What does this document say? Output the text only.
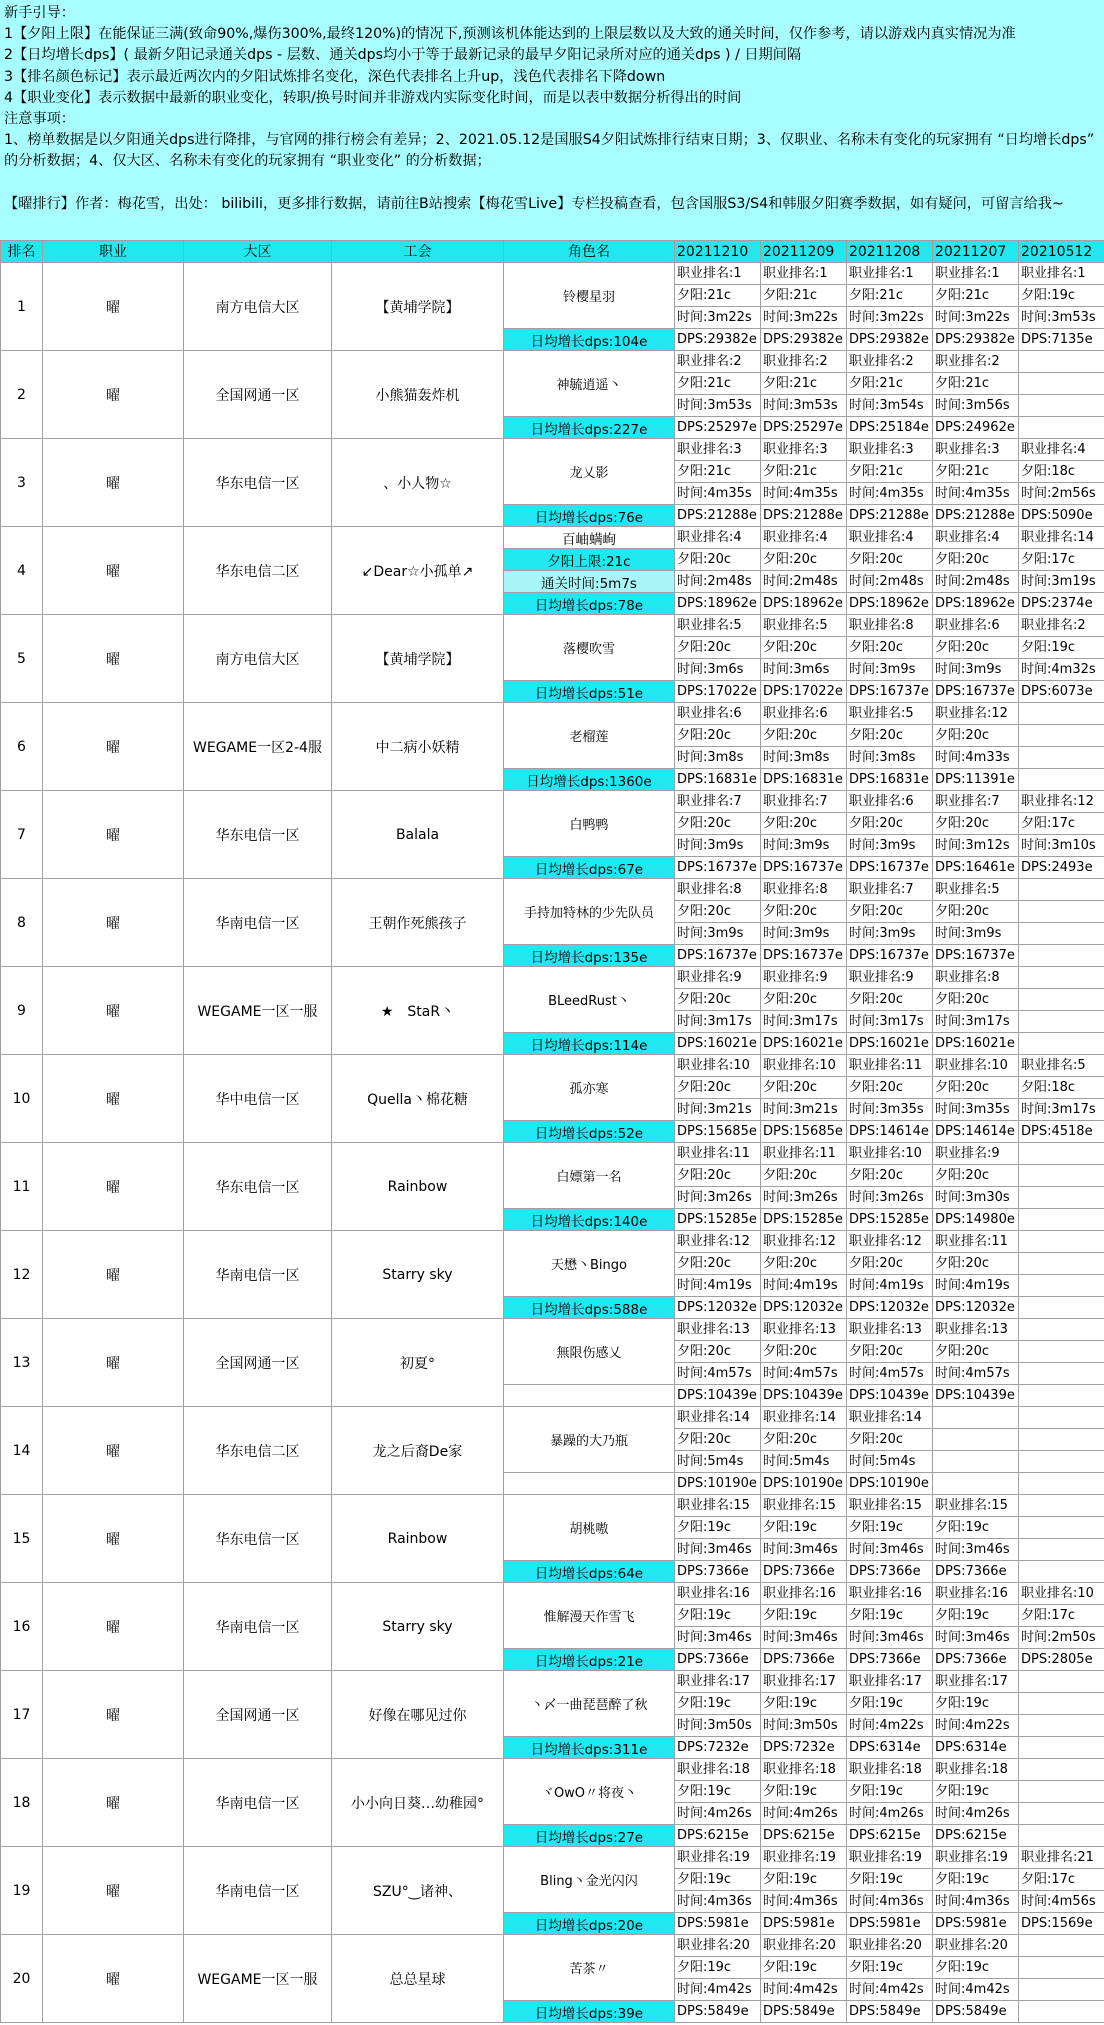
新手引导：
1【夕阳上限】在能保证三满(致命90%,爆伤300%,最终120%)的情况下,预测该机体能达到的上限层数以及大致的通关时间，仅作参考，请以游戏内真实情况为准
2【日均增长dps】( 最新夕阳记录通关dps - 层数、通关dps均小于等于最新记录的最早夕阳记录所对应的通关dps ) / 日期间隔
3【排名颜色标记】表示最近两次内的夕阳试炼排名变化，深色代表排名上升up，浅色代表排名下降down
4【职业变化】表示数据中最新的职业变化，转职/换号时间并非游戏内实际变化时间，而是以表中数据分析得出的时间
注意事项：
1、榜单数据是以夕阳通关dps进行降排，与官网的排行榜会有差异；2、2021.05.12是国服S4夕阳试炼排行结束日期；3、仅职业、名称未有变化的玩家拥有 “日均增长dps” 的分析数据；4、仅大区、名称未有变化的玩家拥有 “职业变化” 的分析数据；
【曜排行】作者：梅花雪，出处： bilibili，更多排行数据，请前往B站搜索【梅花雪Live】专栏投稿查看，包含国服S3/S4和韩服夕阳赛季数据，如有疑问，可留言给我~
排名	职业	大区	工会	角色名	20211210	20211209	20211208	20211207	20210512
1	曜	南方电信大区	【黄埔学院】	铃樱星羽	职业排名:1	职业排名:1	职业排名:1	职业排名:1	职业排名:1
					夕阳:21c	夕阳:21c	夕阳:21c	夕阳:21c	夕阳:19c
					时间:3m22s	时间:3m22s	时间:3m22s	时间:3m22s	时间:3m53s
				日均增长dps:104e	DPS:29382e	DPS:29382e	DPS:29382e	DPS:29382e	DPS:7135e
2	曜	全国网通一区	小熊猫轰炸机	神毓逍遥丶	职业排名:2	职业排名:2	职业排名:2	职业排名:2	
					夕阳:21c	夕阳:21c	夕阳:21c	夕阳:21c	
					时间:3m53s	时间:3m53s	时间:3m54s	时间:3m56s	
				日均增长dps:227e	DPS:25297e	DPS:25297e	DPS:25184e	DPS:24962e	
3	曜	华东电信一区	、小人物☆	龙乂影	职业排名:3	职业排名:3	职业排名:3	职业排名:3	职业排名:4
					夕阳:21c	夕阳:21c	夕阳:21c	夕阳:21c	夕阳:18c
					时间:4m35s	时间:4m35s	时间:4m35s	时间:4m35s	时间:2m56s
				日均增长dps:76e	DPS:21288e	DPS:21288e	DPS:21288e	DPS:21288e	DPS:5090e
4	曜	华东电信二区	↙Dear☆小孤单↗	百岫螨峋	职业排名:4	职业排名:4	职业排名:4	职业排名:4	职业排名:14
				夕阳上限:21c	夕阳:20c	夕阳:20c	夕阳:20c	夕阳:20c	夕阳:17c
				通关时间:5m7s	时间:2m48s	时间:2m48s	时间:2m48s	时间:2m48s	时间:3m19s
				日均增长dps:78e	DPS:18962e	DPS:18962e	DPS:18962e	DPS:18962e	DPS:2374e
5	曜	南方电信大区	【黄埔学院】	落樱吹雪	职业排名:5	职业排名:5	职业排名:8	职业排名:6	职业排名:2
					夕阳:20c	夕阳:20c	夕阳:20c	夕阳:20c	夕阳:19c
					时间:3m6s	时间:3m6s	时间:3m9s	时间:3m9s	时间:4m32s
				日均增长dps:51e	DPS:17022e	DPS:17022e	DPS:16737e	DPS:16737e	DPS:6073e
6	曜	WEGAME一区2-4服	中二病小妖精	老榴莲	职业排名:6	职业排名:6	职业排名:5	职业排名:12	
					夕阳:20c	夕阳:20c	夕阳:20c	夕阳:20c	
					时间:3m8s	时间:3m8s	时间:3m8s	时间:4m33s	
				日均增长dps:1360e	DPS:16831e	DPS:16831e	DPS:16831e	DPS:11391e	
7	曜	华东电信一区	Balala	白鸭鸭	职业排名:7	职业排名:7	职业排名:6	职业排名:7	职业排名:12
					夕阳:20c	夕阳:20c	夕阳:20c	夕阳:20c	夕阳:17c
					时间:3m9s	时间:3m9s	时间:3m9s	时间:3m12s	时间:3m10s
				日均增长dps:67e	DPS:16737e	DPS:16737e	DPS:16737e	DPS:16461e	DPS:2493e
8	曜	华南电信一区	王朝作死熊孩子	手持加特林的少先队员	职业排名:8	职业排名:8	职业排名:7	职业排名:5	
					夕阳:20c	夕阳:20c	夕阳:20c	夕阳:20c	
					时间:3m9s	时间:3m9s	时间:3m9s	时间:3m9s	
				日均增长dps:135e	DPS:16737e	DPS:16737e	DPS:16737e	DPS:16737e	
9	曜	WEGAME一区一服	★　StaR丶	BLeedRust丶	职业排名:9	职业排名:9	职业排名:9	职业排名:8	
					夕阳:20c	夕阳:20c	夕阳:20c	夕阳:20c	
					时间:3m17s	时间:3m17s	时间:3m17s	时间:3m17s	
				日均增长dps:114e	DPS:16021e	DPS:16021e	DPS:16021e	DPS:16021e	
10	曜	华中电信一区	Quella丶棉花糖	孤亦寒	职业排名:10	职业排名:10	职业排名:11	职业排名:10	职业排名:5
					夕阳:20c	夕阳:20c	夕阳:20c	夕阳:20c	夕阳:18c
					时间:3m21s	时间:3m21s	时间:3m35s	时间:3m35s	时间:3m17s
				日均增长dps:52e	DPS:15685e	DPS:15685e	DPS:14614e	DPS:14614e	DPS:4518e
11	曜	华东电信一区	Rainbow	白嫖第一名	职业排名:11	职业排名:11	职业排名:10	职业排名:9	
					夕阳:20c	夕阳:20c	夕阳:20c	夕阳:20c	
					时间:3m26s	时间:3m26s	时间:3m26s	时间:3m30s	
				日均增长dps:140e	DPS:15285e	DPS:15285e	DPS:15285e	DPS:14980e	
12	曜	华南电信一区	Starry sky	天懋丶Bingo	职业排名:12	职业排名:12	职业排名:12	职业排名:11	
					夕阳:20c	夕阳:20c	夕阳:20c	夕阳:20c	
					时间:4m19s	时间:4m19s	时间:4m19s	时间:4m19s	
				日均增长dps:588e	DPS:12032e	DPS:12032e	DPS:12032e	DPS:12032e	
13	曜	全国网通一区	初夏°	無限伤感乂	职业排名:13	职业排名:13	职业排名:13	职业排名:13	
					夕阳:20c	夕阳:20c	夕阳:20c	夕阳:20c	
					时间:4m57s	时间:4m57s	时间:4m57s	时间:4m57s	
					DPS:10439e	DPS:10439e	DPS:10439e	DPS:10439e	
14	曜	华东电信二区	龙之后裔De家	暴躁的大乃瓶	职业排名:14	职业排名:14	职业排名:14		
					夕阳:20c	夕阳:20c	夕阳:20c		
					时间:5m4s	时间:5m4s	时间:5m4s		
					DPS:10190e	DPS:10190e	DPS:10190e		
15	曜	华东电信一区	Rainbow	胡桃嗷	职业排名:15	职业排名:15	职业排名:15	职业排名:15	
					夕阳:19c	夕阳:19c	夕阳:19c	夕阳:19c	
					时间:3m46s	时间:3m46s	时间:3m46s	时间:3m46s	
				日均增长dps:64e	DPS:7366e	DPS:7366e	DPS:7366e	DPS:7366e	
16	曜	华南电信一区	Starry sky	惟解漫天作雪飞	职业排名:16	职业排名:16	职业排名:16	职业排名:16	职业排名:10
					夕阳:19c	夕阳:19c	夕阳:19c	夕阳:19c	夕阳:17c
					时间:3m46s	时间:3m46s	时间:3m46s	时间:3m46s	时间:2m50s
				日均增长dps:21e	DPS:7366e	DPS:7366e	DPS:7366e	DPS:7366e	DPS:2805e
17	曜	全国网通一区	好像在哪见过你	丶〆一曲琵琶醉了秋	职业排名:17	职业排名:17	职业排名:17	职业排名:17	
					夕阳:19c	夕阳:19c	夕阳:19c	夕阳:19c	
					时间:3m50s	时间:3m50s	时间:4m22s	时间:4m22s	
				日均增长dps:311e	DPS:7232e	DPS:7232e	DPS:6314e	DPS:6314e	
18	曜	华南电信一区	小小向日葵…幼稚园°	ヾOwO〃将夜丶	职业排名:18	职业排名:18	职业排名:18	职业排名:18	
					夕阳:19c	夕阳:19c	夕阳:19c	夕阳:19c	
					时间:4m26s	时间:4m26s	时间:4m26s	时间:4m26s	
				日均增长dps:27e	DPS:6215e	DPS:6215e	DPS:6215e	DPS:6215e	
19	曜	华南电信一区	SZU°‿诸神、	Bling丶金光闪闪	职业排名:19	职业排名:19	职业排名:19	职业排名:19	职业排名:21
					夕阳:19c	夕阳:19c	夕阳:19c	夕阳:19c	夕阳:17c
					时间:4m36s	时间:4m36s	时间:4m36s	时间:4m36s	时间:4m56s
				日均增长dps:20e	DPS:5981e	DPS:5981e	DPS:5981e	DPS:5981e	DPS:1569e
20	曜	WEGAME一区一服	总总星球	苦茶〃	职业排名:20	职业排名:20	职业排名:20	职业排名:20	
					夕阳:19c	夕阳:19c	夕阳:19c	夕阳:19c	
					时间:4m42s	时间:4m42s	时间:4m42s	时间:4m42s	
				日均增长dps:39e	DPS:5849e	DPS:5849e	DPS:5849e	DPS:5849e	
